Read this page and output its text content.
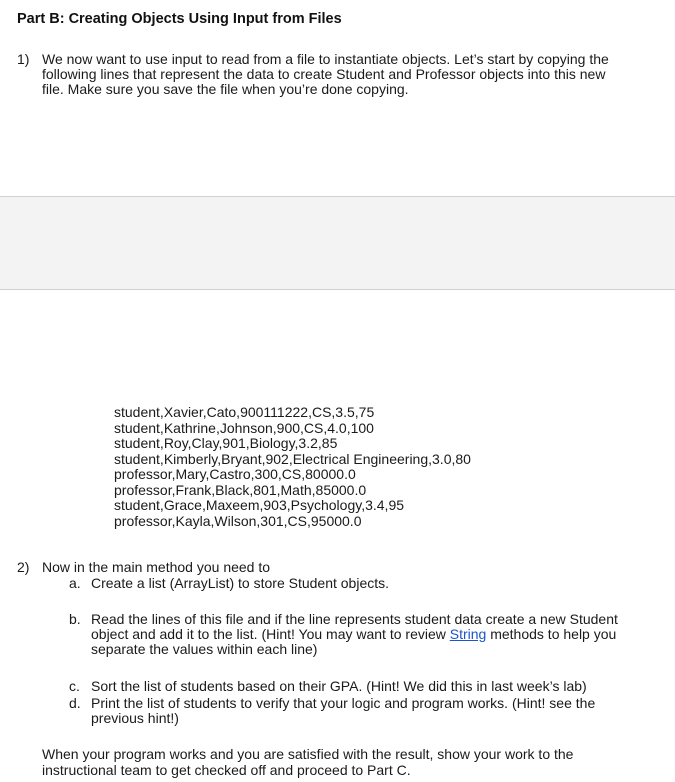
Part B: Creating Objects Using Input from Files
1) We now want to use input to read from a file to instantiate objects. Let’s start by copying the
following lines that represent the data to create Student and Professor objects into this new
file. Make sure you save the file when you’re done copying.
student,Xavier,Cato,900111222,CS,3.5,75
student,Kathrine,Johnson,900,CS,4.0,100
student,Roy,Clay,901,Biology,3.2,85
student,Kimberly,Bryant,902,Electrical Engineering,3.0,80
professor,Mary,Castro,300,CS,80000.0
professor,Frank,Black,801,Math,85000.0
student,Grace,Maxeem,903,Psychology,3.4,95
professor,Kayla,Wilson,301,CS,95000.0
2) Now in the main method you need to
a. Create a list (ArrayList) to store Student objects.
b. Read the lines of this file and if the line represents student data create a new Student
object and add it to the list. (Hint! You may want to review String methods to help you
separate the values within each line)
c. Sort the list of students based on their GPA. (Hint! We did this in last week’s lab)
d. Print the list of students to verify that your logic and program works. (Hint! see the
previous hint!)
When your program works and you are satisfied with the result, show your work to the
instructional team to get checked off and proceed to Part C.
